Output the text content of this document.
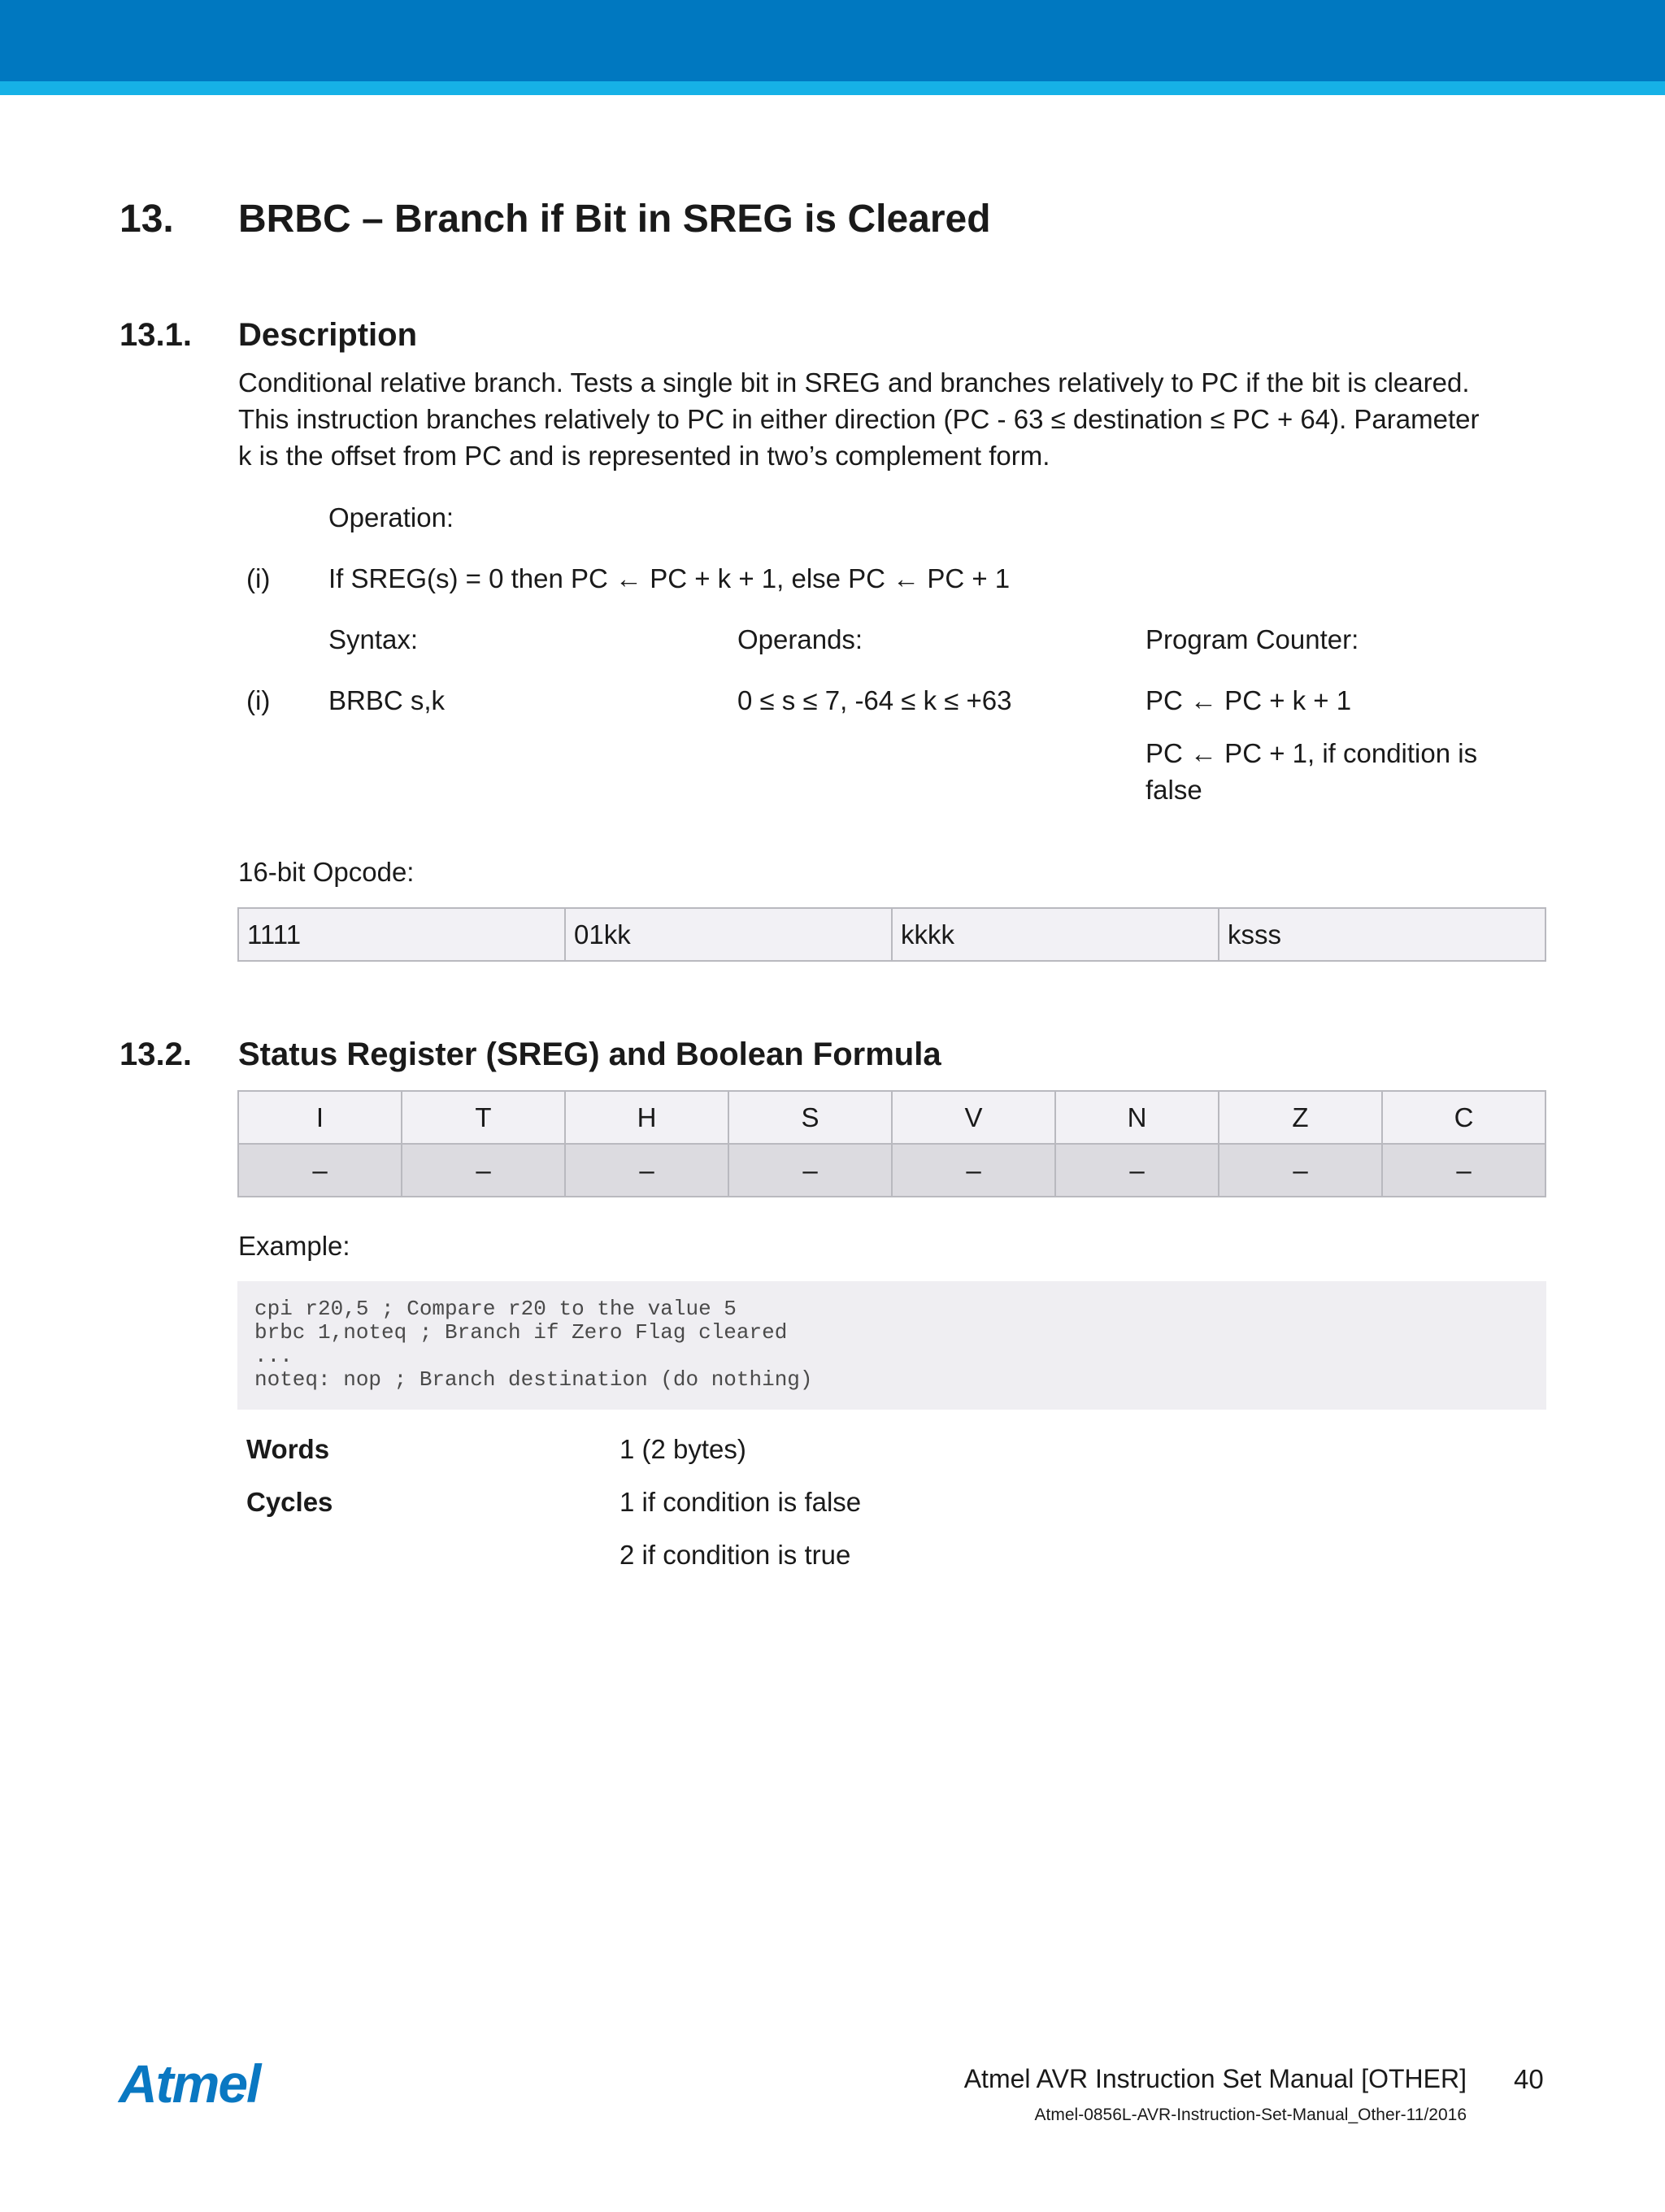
13. BRBC – Branch if Bit in SREG is Cleared
13.1. Description
Conditional relative branch. Tests a single bit in SREG and branches relatively to PC if the bit is cleared.
This instruction branches relatively to PC in either direction (PC - 63 ≤ destination ≤ PC + 64). Parameter
k is the offset from PC and is represented in two’s complement form.
Operation:
(i) If SREG(s) = 0 then PC ← PC + k + 1, else PC ← PC + 1
Syntax:	Operands:	Program Counter:
(i) BRBC s,k	0 ≤ s ≤ 7, -64 ≤ k ≤ +63	PC ← PC + k + 1
PC ← PC + 1, if condition is
false
16-bit Opcode:
1111	01kk	kkkk	ksss
13.2. Status Register (SREG) and Boolean Formula
I	T	H	S	V	N	Z	C
–	–	–	–	–	–	–	–
Example:
cpi r20,5 ; Compare r20 to the value 5
brbc 1,noteq ; Branch if Zero Flag cleared
...
noteq: nop ; Branch destination (do nothing)
Words	1 (2 bytes)
Cycles	1 if condition is false
2 if condition is true
Atmel	Atmel AVR Instruction Set Manual [OTHER] 40
Atmel-0856L-AVR-Instruction-Set-Manual_Other-11/2016
